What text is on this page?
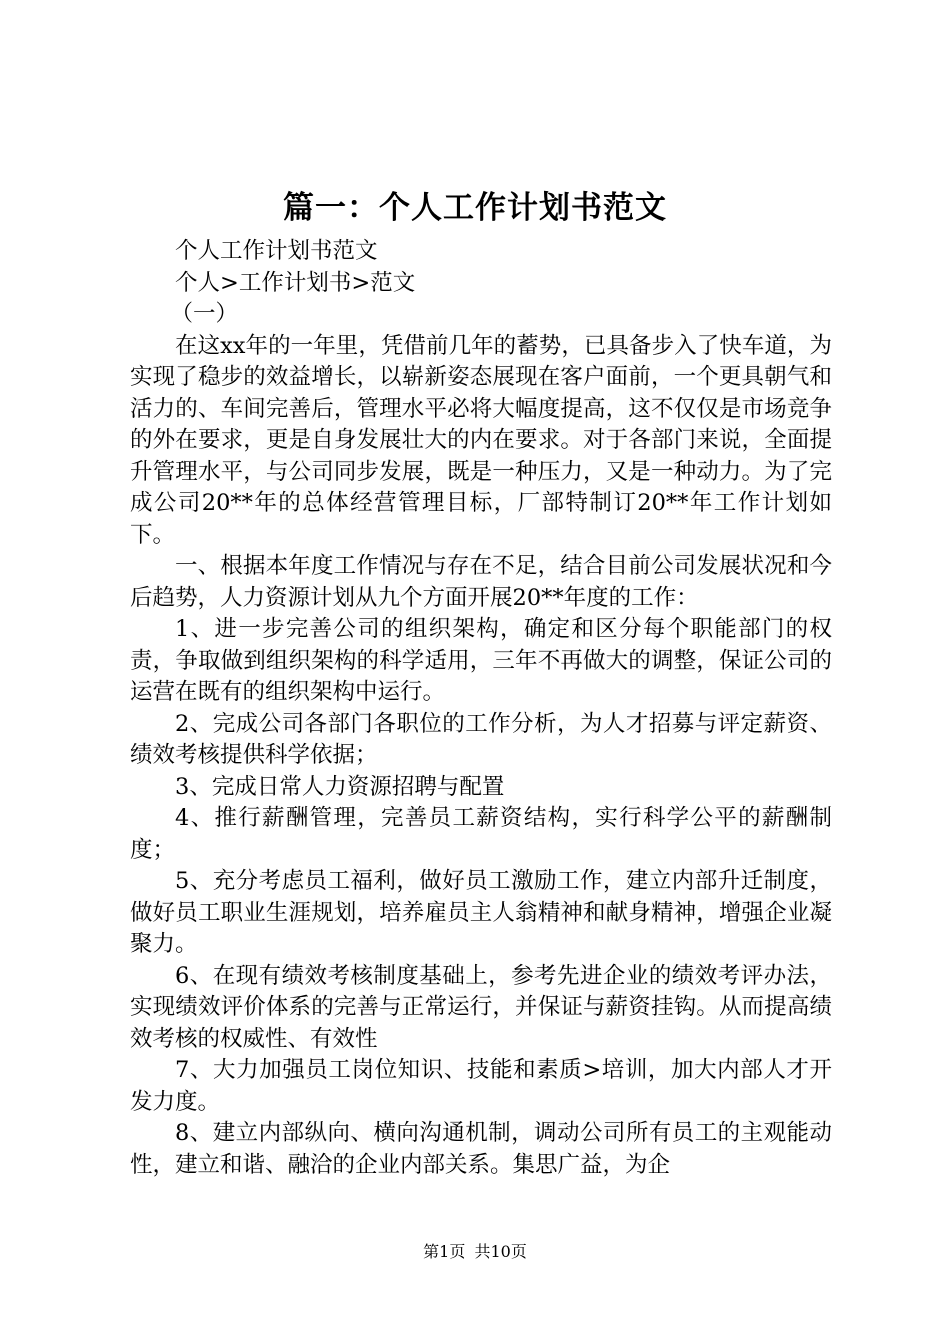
篇一：个人工作计划书范文

个人工作计划书范文

个人>工作计划书>范文

（一）

在这xx年的一年里，凭借前几年的蓄势，已具备步入了快车道，为实现了稳步的效益增长，以崭新姿态展现在客户面前，一个更具朝气和活力的、车间完善后，管理水平必将大幅度提高，这不仅仅是市场竞争的外在要求，更是自身发展壮大的内在要求。对于各部门来说，全面提升管理水平，与公司同步发展，既是一种压力，又是一种动力。为了完成公司20**年的总体经营管理目标，厂部特制订20**年工作计划如下。

一、根据本年度工作情况与存在不足，结合目前公司发展状况和今后趋势，人力资源计划从九个方面开展20**年度的工作：

1、进一步完善公司的组织架构，确定和区分每个职能部门的权责，争取做到组织架构的科学适用，三年不再做大的调整，保证公司的运营在既有的组织架构中运行。

2、完成公司各部门各职位的工作分析，为人才招募与评定薪资、绩效考核提供科学依据；

3、完成日常人力资源招聘与配置

4、推行薪酬管理，完善员工薪资结构，实行科学公平的薪酬制度；

5、充分考虑员工福利，做好员工激励工作，建立内部升迁制度，做好员工职业生涯规划，培养雇员主人翁精神和献身精神，增强企业凝聚力。

6、在现有绩效考核制度基础上，参考先进企业的绩效考评办法，实现绩效评价体系的完善与正常运行，并保证与薪资挂钩。从而提高绩效考核的权威性、有效性

7、大力加强员工岗位知识、技能和素质>培训，加大内部人才开发力度。

8、建立内部纵向、横向沟通机制，调动公司所有员工的主观能动性，建立和谐、融洽的企业内部关系。集思广益，为企

第1页 共10页
